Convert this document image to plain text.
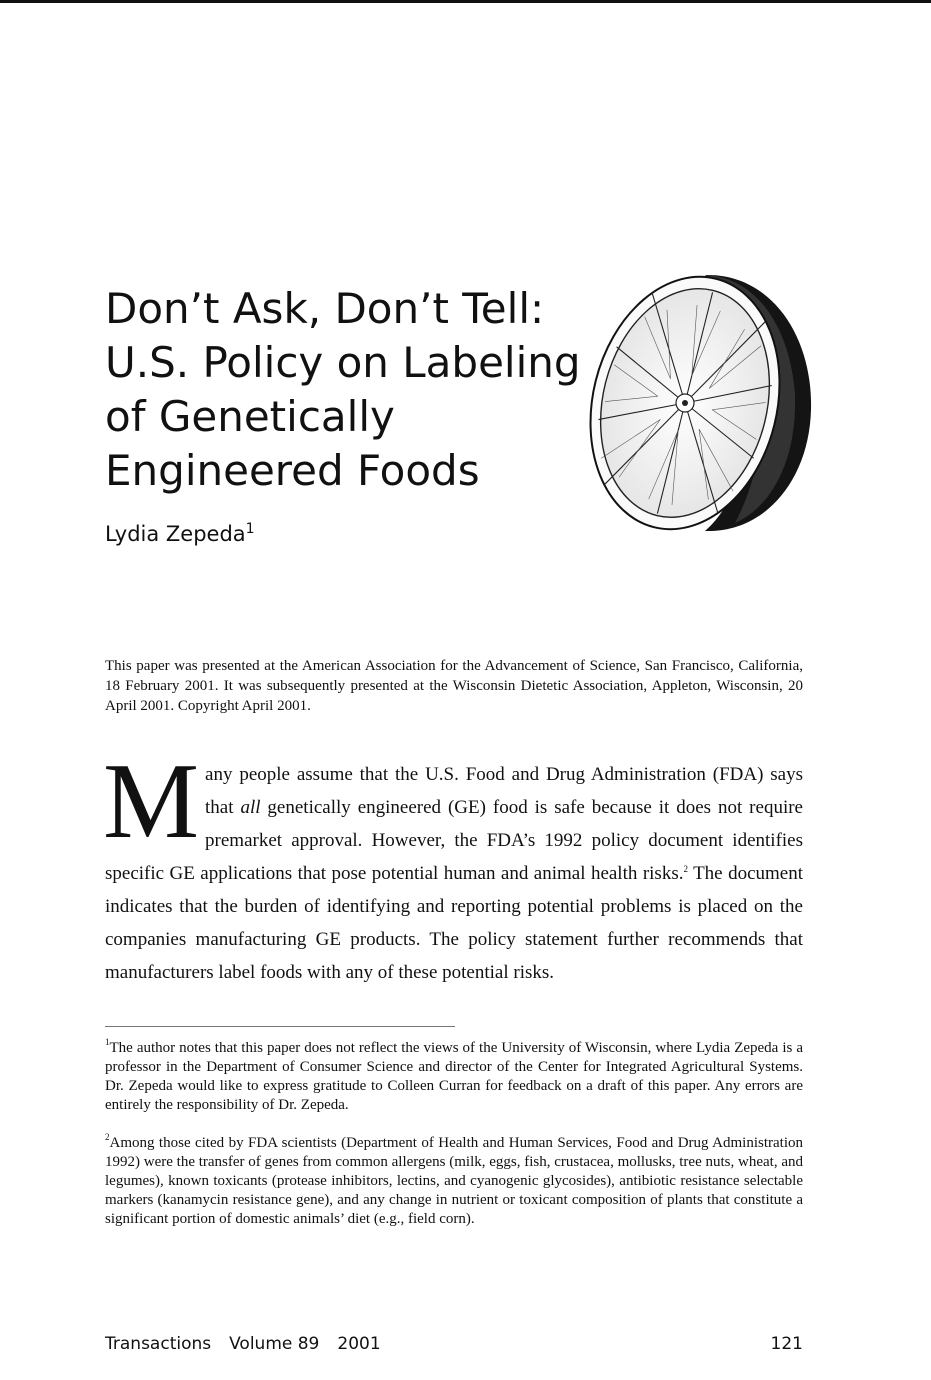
Don’t Ask, Don’t Tell:
U.S. Policy on Labeling
of Genetically
Engineered Foods
Lydia Zepeda$^1$

This paper was presented at the American Association for the Advancement of Science, San Francisco, California, 18 February 2001. It was subsequently presented at the Wisconsin Dietetic Association, Appleton, Wisconsin, 20 April 2001. Copyright April 2001.

Many people assume that the U.S. Food and Drug Administration (FDA) says that all genetically engineered (GE) food is safe because it does not require premarket approval. However, the FDA’s 1992 policy document identifies specific GE applications that pose potential human and animal health risks.$^2$ The document indicates that the burden of identifying and reporting potential problems is placed on the companies manufacturing GE products. The policy statement further recommends that manufacturers label foods with any of these potential risks.

$^1$The author notes that this paper does not reflect the views of the University of Wisconsin, where Lydia Zepeda is a professor in the Department of Consumer Science and director of the Center for Integrated Agricultural Systems. Dr. Zepeda would like to express gratitude to Colleen Curran for feedback on a draft of this paper. Any errors are entirely the responsibility of Dr. Zepeda.

$^2$Among those cited by FDA scientists (Department of Health and Human Services, Food and Drug Administration 1992) were the transfer of genes from common allergens (milk, eggs, fish, crustacea, mollusks, tree nuts, wheat, and legumes), known toxicants (protease inhibitors, lectins, and cyanogenic glycosides), antibiotic resistance selectable markers (kanamycin resistance gene), and any change in nutrient or toxicant composition of plants that constitute a significant portion of domestic animals’ diet (e.g., field corn).

Transactions Volume 89 2001	121
